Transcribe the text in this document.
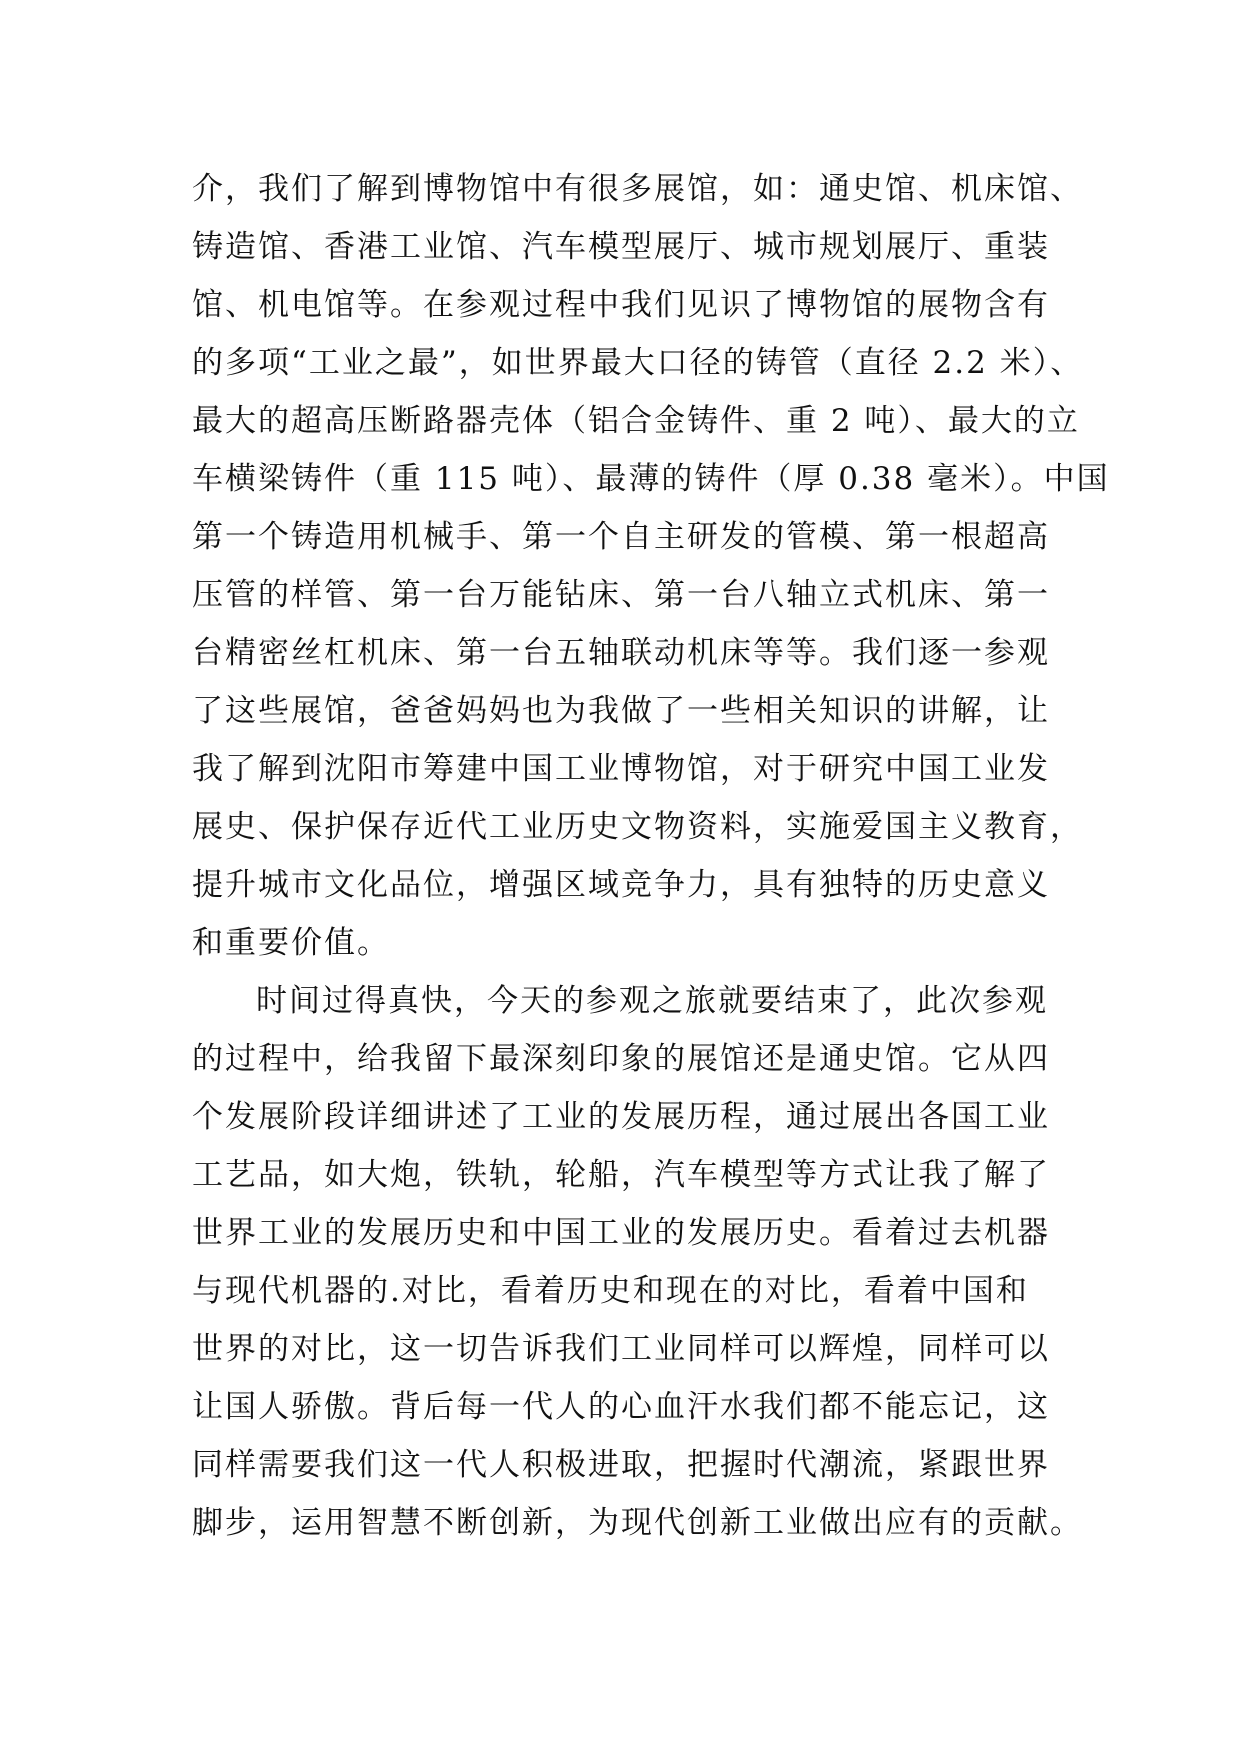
介，我们了解到博物馆中有很多展馆，如：通史馆、机床馆、
铸造馆、香港工业馆、汽车模型展厅、城市规划展厅、重装
馆、机电馆等。在参观过程中我们见识了博物馆的展物含有
的多项“工业之最”，如世界最大口径的铸管（直径 2.2 米）、
最大的超高压断路器壳体（铝合金铸件、重 2 吨）、最大的立
车横梁铸件（重 115 吨）、最薄的铸件（厚 0.38 毫米）。中国
第一个铸造用机械手、第一个自主研发的管模、第一根超高
压管的样管、第一台万能钻床、第一台八轴立式机床、第一
台精密丝杠机床、第一台五轴联动机床等等。我们逐一参观
了这些展馆，爸爸妈妈也为我做了一些相关知识的讲解，让
我了解到沈阳市筹建中国工业博物馆，对于研究中国工业发
展史、保护保存近代工业历史文物资料，实施爱国主义教育，
提升城市文化品位，增强区域竞争力，具有独特的历史意义
和重要价值。
时间过得真快，今天的参观之旅就要结束了，此次参观
的过程中，给我留下最深刻印象的展馆还是通史馆。它从四
个发展阶段详细讲述了工业的发展历程，通过展出各国工业
工艺品，如大炮，铁轨，轮船，汽车模型等方式让我了解了
世界工业的发展历史和中国工业的发展历史。看着过去机器
与现代机器的.对比，看着历史和现在的对比，看着中国和
世界的对比，这一切告诉我们工业同样可以辉煌，同样可以
让国人骄傲。背后每一代人的心血汗水我们都不能忘记，这
同样需要我们这一代人积极进取，把握时代潮流，紧跟世界
脚步，运用智慧不断创新，为现代创新工业做出应有的贡献。
